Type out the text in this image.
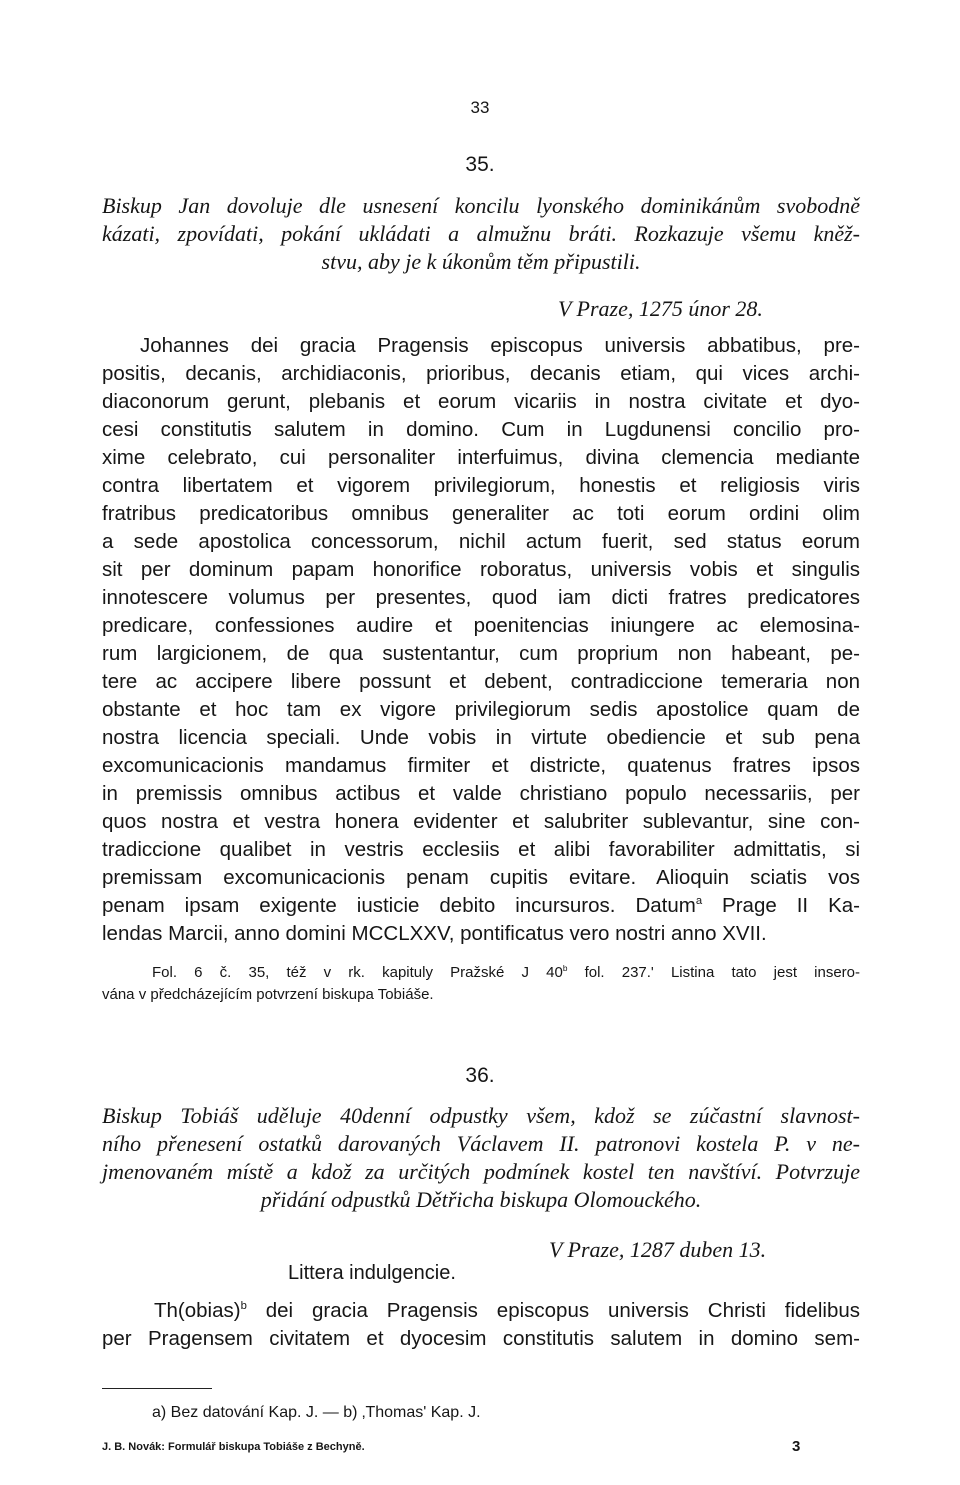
33
35.
Biskup Jan dovoluje dle usnesení koncilu lyonského dominikánům svobodně
kázati, zpovídati, pokání ukládati a almužnu bráti. Rozkazuje všemu kněž-
stvu, aby je k úkonům těm připustili.
V Praze, 1275 únor 28.
Johannes dei gracia Pragensis episcopus universis abbatibus, pre-
positis, decanis, archidiaconis, prioribus, decanis etiam, qui vices archi-
diaconorum gerunt, plebanis et eorum vicariis in nostra civitate et dyo-
cesi constitutis salutem in domino. Cum in Lugdunensi concilio pro-
xime celebrato, cui personaliter interfuimus, divina clemencia mediante
contra libertatem et vigorem privilegiorum, honestis et religiosis viris
fratribus predicatoribus omnibus generaliter ac toti eorum ordini olim
a sede apostolica concessorum, nichil actum fuerit, sed status eorum
sit per dominum papam honorifice roboratus, universis vobis et singulis
innotescere volumus per presentes, quod iam dicti fratres predicatores
predicare, confessiones audire et poenitencias iniungere ac elemosina-
rum largicionem, de qua sustentantur, cum proprium non habeant, pe-
tere ac accipere libere possunt et debent, contradiccione temeraria non
obstante et hoc tam ex vigore privilegiorum sedis apostolice quam de
nostra licencia speciali. Unde vobis in virtute obediencie et sub pena
excomunicacionis mandamus firmiter et districte, quatenus fratres ipsos
in premissis omnibus actibus et valde christiano populo necessariis, per
quos nostra et vestra honera evidenter et salubriter sublevantur, sine con-
tradiccione qualibet in vestris ecclesiis et alibi favorabiliter admittatis, si
premissam excomunicacionis penam cupitis evitare. Alioquin sciatis vos
penam ipsam exigente iusticie debito incursuros. Datum$^a$ Prage II Ka-
lendas Marcii, anno domini MCCLXXV, pontificatus vero nostri anno XVII.
Fol. 6 č. 35, též v rk. kapituly Pražské J 40$^b$ fol. 237.' Listina tato jest insero-
vána v předcházejícím potvrzení biskupa Tobiáše.
36.
Biskup Tobiáš uděluje 40denní odpustky všem, kdož se zúčastní slavnost-
ního přenesení ostatků darovaných Václavem II. patronovi kostela P. v ne-
jmenovaném místě a kdož za určitých podmínek kostel ten navštíví. Potvrzuje
přidání odpustků Dětřicha biskupa Olomouckého.
V Praze, 1287 duben 13.
Littera indulgencie.
Th(obias)$^b$ dei gracia Pragensis episcopus universis Christi fidelibus
per Pragensem civitatem et dyocesim constitutis salutem in domino sem-
a) Bez datování Kap. J. — b) ‚Thomas' Kap. J.
J. B. Novák: Formulář biskupa Tobiáše z Bechyně.	3
